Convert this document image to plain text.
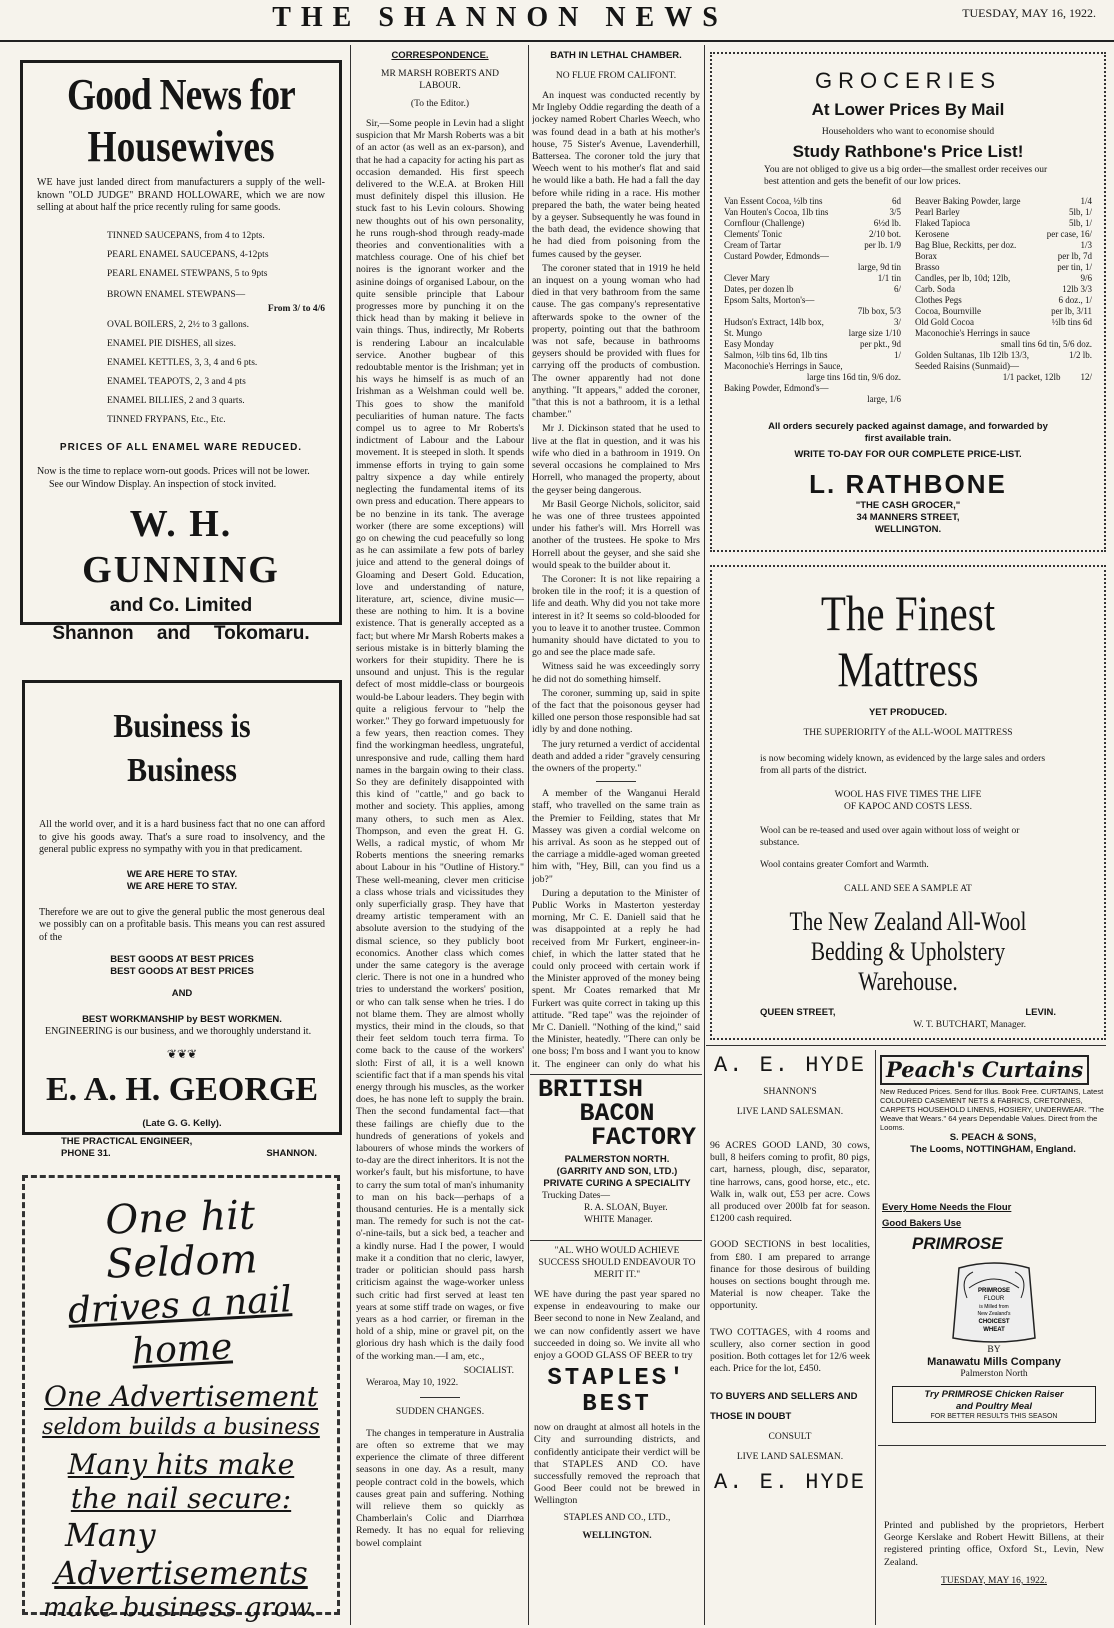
THE SHANNON NEWS	TUESDAY, MAY 16, 1922.
Good News for
Housewives
WE have just landed direct from manufacturers a supply of the well-known "OLD JUDGE" BRAND HOLLOWARE, which we are now selling at about half the price recently ruling for same goods.
TINNED SAUCEPANS, from 4 to 12pts.
PEARL ENAMEL SAUCEPANS, 4-12pts
PEARL ENAMEL STEWPANS, 5 to 9pts
BROWN ENAMEL STEWPANS—
From 3/ to 4/6
OVAL BOILERS, 2, 2½ to 3 gallons.
ENAMEL PIE DISHES, all sizes.
ENAMEL KETTLES, 3, 3, 4 and 6 pts.
ENAMEL TEAPOTS, 2, 3 and 4 pts
ENAMEL BILLIES, 2 and 3 quarts.
TINNED FRYPANS, Etc., Etc.
PRICES OF ALL ENAMEL WARE REDUCED.
Now is the time to replace worn-out goods. Prices will not be lower.
See our Window Display. An inspection of stock invited.
W. H. GUNNING
and Co. Limited
Shannon and Tokomaru.
Business is Business
All the world over, and it is a hard business fact that no one can afford to give his goods away. That's a sure road to insolvency, and the general public express no sympathy with you in that predicament.
WE ARE HERE TO STAY.
WE ARE HERE TO STAY.
Therefore we are out to give the general public the most generous deal we possibly can on a profitable basis. This means you can rest assured of the
BEST GOODS AT BEST PRICES
BEST GOODS AT BEST PRICES
AND
BEST WORKMANSHIP by BEST WORKMEN.
ENGINEERING is our business, and we thoroughly understand it.
❦❦❦
E. A. H. GEORGE
(Late G. G. Kelly).
THE PRACTICAL ENGINEER,
PHONE 31.	SHANNON.
One hit Seldom
drives a nail home
One Advertisement
seldom builds a business
Many hits make
the nail secure:
Many
Advertisements
make business grow.
CORRESPONDENCE.
MR MARSH ROBERTS AND LABOUR.
(To the Editor.)

Sir,—Some people in Levin had a slight suspicion that Mr Marsh Roberts was a bit of an actor (as well as an ex-parson), and that he had a capacity for acting his part as occasion demanded. His first speech delivered to the W.E.A. at Broken Hill must definitely dispel this illusion. He stuck fast to his Levin colours. Showing new thoughts out of his own personality, he runs rough-shod through ready-made theories and conventionalities with a matchless courage. One of his chief bet noires is the ignorant worker and the asinine doings of organised Labour, on the quite sensible principle that Labour progresses more by punching it on the thick head than by making it believe in vain things. Thus, indirectly, Mr Roberts is rendering Labour an incalculable service. Another bugbear of this redoubtable mentor is the Irishman; yet in his ways he himself is as much of an Irishman as a Welshman could well be. This goes to show the manifold peculiarities of human nature. The facts compel us to agree to Mr Roberts's indictment of Labour and the Labour movement. It is steeped in sloth. It spends immense efforts in trying to gain some paltry sixpence a day while entirely neglecting the fundamental items of its own press and education. There appears to be no benzine in its tank. The average worker (there are some exceptions) will go on chewing the cud peacefully so long as he can assimilate a few pots of barley juice and attend to the general doings of Gloaming and Desert Gold. Education, love and understanding of nature, literature, art, science, divine music—these are nothing to him. It is a bovine existence. That is generally accepted as a fact; but where Mr Marsh Roberts makes a serious mistake is in bitterly blaming the workers for their stupidity. There he is unsound and unjust. This is the regular defect of most middle-class or bourgeois would-be Labour leaders. They begin with quite a religious fervour to "help the worker." They go forward impetuously for a few years, then reaction comes. They find the workingman heedless, ungrateful, unresponsive and rude, calling them hard names in the bargain owing to their class. So they are definitely disappointed with this kind of "cattle," and go back to mother and society. This applies, among many others, to such men as Alex. Thompson, and even the great H. G. Wells, a radical mystic, of whom Mr Roberts mentions the sneering remarks about Labour in his "Outline of History." These well-meaning, clever men criticise a class whose trials and vicissitudes they only superficially grasp. They have that dreamy artistic temperament with an absolute aversion to the studying of the dismal science, so they publicly boot economics. Another class which comes under the same category is the average cleric. There is not one in a hundred who tries to understand the workers' position, or who can talk sense when he tries. I do not blame them. They are almost wholly mystics, their mind in the clouds, so that their feet seldom touch terra firma. To come back to the cause of the workers' sloth: First of all, it is a well known scientific fact that if a man spends his vital energy through his muscles, as the worker does, he has none left to supply the brain. Then the second fundamental fact—that these failings are chiefly due to the hundreds of generations of yokels and labourers of whose minds the workers of to-day are the direct inheritors. It is not the worker's fault, but his misfortune, to have to carry the sum total of man's inhumanity to man on his back—perhaps of a thousand centuries. He is a mentally sick man. The remedy for such is not the cat-o'-nine-tails, but a sick bed, a teacher and a kindly nurse. Had I the power, I would make it a condition that no cleric, lawyer, trader or politician should pass harsh criticism against the wage-worker unless such critic had first served at least ten years at some stiff trade on wages, or five years as a hod carrier, or fireman in the hold of a ship, mine or gravel pit, on the glorious dry hash which is the daily food of the working man.—I am, etc.,

SOCIALIST.
Weraroa, May 10, 1922.
SUDDEN CHANGES.

The changes in temperature in Australia are often so extreme that we may experience the climate of three different seasons in one day. As a result, many people contract cold in the bowels, which causes great pain and suffering. Nothing will relieve them so quickly as Chamberlain's Colic and Diarrhœa Remedy. It has no equal for relieving bowel complaint

BATH IN LETHAL CHAMBER.
NO FLUE FROM CALIFONT.

An inquest was conducted recently by Mr Ingleby Oddie regarding the death of a jockey named Robert Charles Weech, who was found dead in a bath at his mother's house, 75 Sister's Avenue, Lavenderhill, Battersea. The coroner told the jury that Weech went to his mother's flat and said he would like a bath. He had a fall the day before while riding in a race. His mother prepared the bath, the water being heated by a geyser. Subsequently he was found in the bath dead, the evidence showing that he had died from poisoning from the fumes caused by the geyser.

The coroner stated that in 1919 he held an inquest on a young woman who had died in that very bathroom from the same cause. The gas company's representative afterwards spoke to the owner of the property, pointing out that the bathroom was not safe, because in bathrooms geysers should be provided with flues for carrying off the products of combustion. The owner apparently had not done anything. "It appears," added the coroner, "that this is not a bathroom, it is a lethal chamber."

Mr J. Dickinson stated that he used to live at the flat in question, and it was his wife who died in a bathroom in 1919. On several occasions he complained to Mrs Horrell, who managed the property, about the geyser being dangerous.

Mr Basil George Nichols, solicitor, said he was one of three trustees appointed under his father's will. Mrs Horrell was another of the trustees. He spoke to Mrs Horrell about the geyser, and she said she would speak to the builder about it.

The Coroner: It is not like repairing a broken tile in the roof; it is a question of life and death. Why did you not take more interest in it? It seems so cold-blooded for you to leave it to another trustee. Common humanity should have dictated to you to go and see the place made safe.

Witness said he was exceedingly sorry he did not do something himself.

The coroner, summing up, said in spite of the fact that the poisonous geyser had killed one person those responsible had sat idly by and done nothing.

The jury returned a verdict of accidental death and added a rider "gravely censuring the owners of the property."

A member of the Wanganui Herald staff, who travelled on the same train as the Premier to Feilding, states that Mr Massey was given a cordial welcome on his arrival. As soon as he stepped out of the carriage a middle-aged woman greeted him with, "Hey, Bill, can you find us a job?"

During a deputation to the Minister of Public Works in Masterton yesterday morning, Mr C. E. Daniell said that he was disappointed at a reply he had received from Mr Furkert, engineer-in-chief, in which the latter stated that he could only proceed with certain work if the Minister approved of the money being spent. Mr Coates remarked that Mr Furkert was quite correct in taking up this attitude. "Red tape" was the rejoinder of Mr C. Daniell. "Nothing of the kind," said the Minister, heatedly. "There can only be one boss; I'm boss and I want you to know it. The engineer can only do what his

BRITISH
BACON
FACTORY
PALMERSTON NORTH.
(GARRITY AND SON, LTD.)
PRIVATE CURING A SPECIALITY
Trucking Dates—
R. A. SLOAN, Buyer.
WHITE Manager.
"AL. WHO WOULD ACHIEVE SUCCESS SHOULD ENDEAVOUR TO MERIT IT."
WE have during the past year spared no expense in endeavouring to make our Beer second to none in New Zealand, and we can now confidently assert we have succeeded in doing so. We invite all who enjoy a GOOD GLASS OF BEER to try
STAPLES' BEST
now on draught at almost all hotels in the City and surrounding districts, and confidently anticipate their verdict will be that STAPLES AND CO. have successfully removed the reproach that Good Beer could not be brewed in Wellington
STAPLES AND CO., LTD.,
WELLINGTON.
GROCERIES
At Lower Prices By Mail
Householders who want to economise should
Study Rathbone's Price List!
You are not obliged to give us a big order—the smallest order receives our best attention and gets the benefit of our low prices.
Van Essent Cocoa, ½lb tins	6d
Van Houten's Cocoa, 1lb tins	3/5
Cornflour (Challenge)	6½d lb.
Clements' Tonic	2/10 bot.
Cream of Tartar	per lb. 1/9
Custard Powder, Edmonds—
large, 9d tin
Clever Mary	1/1 tin
Dates, per dozen lb	6/
Epsom Salts, Morton's—
7lb box, 5/3
Hudson's Extract, 14lb box,	3/
St. Mungo	large size 1/10
Easy Monday	per pkt., 9d
Salmon, ½lb tins 6d, 1lb tins	1/
Maconochie's Herrings in Sauce,
large tins 16d tin, 9/6 doz.
Baking Powder, Edmond's—
large, 1/6
Beaver Baking Powder, large	1/4
Pearl Barley	5lb, 1/
Flaked Tapioca	5lb, 1/
Kerosene	per case, 16/
Bag Blue, Reckitts, per doz.	1/3
Borax	per lb, 7d
Brasso	per tin, 1/
Candles, per lb, 10d; 12lb,	9/6
Carb. Soda	12lb 3/3
Clothes Pegs	6 doz., 1/
Cocoa, Bournville	per lb, 3/11
Old Gold Cocoa	½lb tins 6d
Maconochie's Herrings in sauce
small tins 6d tin, 5/6 doz.
Golden Sultanas, 1lb 12lb 13/3,	1/2 lb.
Seeded Raisins (Sunmaid)—
1/1 packet, 12lb 12/
All orders securely packed against damage, and forwarded by first available train.
WRITE TO-DAY FOR OUR COMPLETE PRICE-LIST.
L. RATHBONE
"THE CASH GROCER,"
34 MANNERS STREET,
WELLINGTON.
The Finest
Mattress
YET PRODUCED.
THE SUPERIORITY of the ALL-WOOL MATTRESS
is now becoming widely known, as evidenced by the large sales and orders from all parts of the district.
WOOL HAS FIVE TIMES THE LIFE
OF KAPOC AND COSTS LESS.
Wool can be re-teased and used over again without loss of weight or substance.
Wool contains greater Comfort and Warmth.
CALL AND SEE A SAMPLE AT
The New Zealand All-Wool
Bedding & Upholstery Warehouse.
QUEEN STREET,	LEVIN.
W. T. BUTCHART, Manager.
A. E. HYDE
SHANNON'S
LIVE LAND SALESMAN.
96 ACRES GOOD LAND, 30 cows, bull, 8 heifers coming to profit, 80 pigs, cart, harness, plough, disc, separator, tine harrows, cans, good horse, etc., etc. Walk in, walk out, £53 per acre. Cows all produced over 200lb fat for season. £1200 cash required.
GOOD SECTIONS in best localities, from £80. I am prepared to arrange finance for those desirous of building houses on sections bought through me. Material is now cheaper. Take the opportunity.
TWO COTTAGES, with 4 rooms and scullery, also corner section in good position. Both cottages let for 12/6 week each. Price for the lot, £450.
TO BUYERS AND SELLERS AND
THOSE IN DOUBT
CONSULT
LIVE LAND SALESMAN.
A. E. HYDE
Peach's Curtains
New Reduced Prices. Send for Illus. Book Free. CURTAINS, Latest COLOURED CASEMENT NETS & FABRICS, CRETONNES, CARPETS HOUSEHOLD LINENS, HOSIERY, UNDERWEAR. "The Weave that Wears." 64 years Dependable Values. Direct from the Looms.
S. PEACH & SONS,
The Looms, NOTTINGHAM, England.
Every Home Needs the Flour
Good Bakers Use
PRIMROSE
PRIMROSE
FLOUR
is Milled from
New Zealand's
CHOICEST
WHEAT
BY
Manawatu Mills Company
Palmerston North
Try PRIMROSE Chicken Raiser
and Poultry Meal
FOR BETTER RESULTS THIS SEASON
Printed and published by the proprietors, Herbert George Kerslake and Robert Hewitt Billens, at their registered printing office, Oxford St., Levin, New Zealand.
TUESDAY, MAY 16, 1922.
